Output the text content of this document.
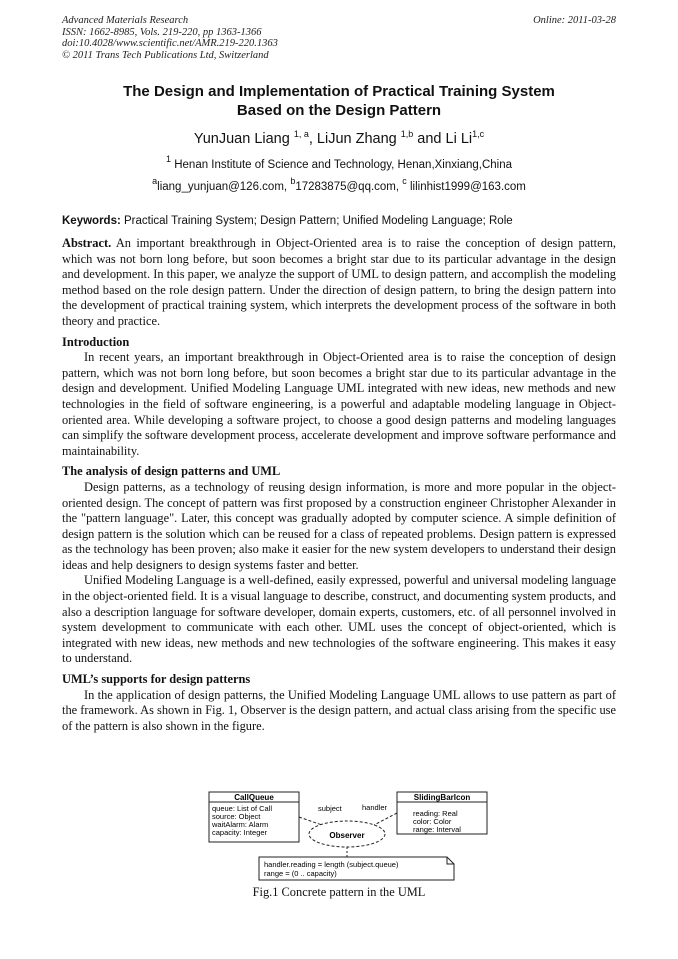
Advanced Materials Research
ISSN: 1662-8985, Vols. 219-220, pp 1363-1366
doi:10.4028/www.scientific.net/AMR.219-220.1363
© 2011 Trans Tech Publications Ltd, Switzerland
Online: 2011-03-28
The Design and Implementation of Practical Training System
Based on the Design Pattern
YunJuan Liang $^{1, a}$, LiJun Zhang $^{1,b}$ and Li Li$^{1,c}$
$^1$ Henan Institute of Science and Technology, Henan,Xinxiang,China
$^a$liang_yunjuan@126.com, $^b$17283875@qq.com, $^c$ lilinhist1999@163.com
Keywords: Practical Training System; Design Pattern; Unified Modeling Language; Role

Abstract. An important breakthrough in Object-Oriented area is to raise the conception of design pattern, which was not born long before, but soon becomes a bright star due to its particular advantage in the design and development. In this paper, we analyze the support of UML to design pattern, and accomplish the modeling method based on the role design pattern. Under the direction of design pattern, to bring the design pattern into the development of practical training system, which interprets the development process of the software in both theory and practice.

Introduction

In recent years, an important breakthrough in Object-Oriented area is to raise the conception of design pattern, which was not born long before, but soon becomes a bright star due to its particular advantage in the design and development. Unified Modeling Language UML integrated with new ideas, new methods and new technologies in the field of software engineering, is a powerful and adaptable modeling language in Object-oriented area. While developing a software project, to choose a good design patterns and modeling languages can simplify the software development process, accelerate development and improve software performance and maintainability.

The analysis of design patterns and UML

Design patterns, as a technology of reusing design information, is more and more popular in the object-oriented design. The concept of pattern was first proposed by a construction engineer Christopher Alexander in the "pattern language". Later, this concept was gradually adopted by computer science. A simple definition of design pattern is the solution which can be reused for a class of repeated problems. Design pattern is expressed as the technology has been proven; also make it easier for the new system developers to understand their design ideas and help designers to design systems faster and better.

Unified Modeling Language is a well-defined, easily expressed, powerful and universal modeling language in the object-oriented field. It is a visual language to describe, construct, and documenting system products, and also a description language for software developer, domain experts, customers, etc. of all personnel involved in system development to communicate with each other. UML uses the concept of object-oriented, which is integrated with new ideas, new methods and new technologies of the software engineering. This makes it easy to understand.

UML’s supports for design patterns

In the application of design patterns, the Unified Modeling Language UML allows to use pattern as part of the framework. As shown in Fig. 1, Observer is the design pattern, and actual class arising from the specific use of the pattern is also shown in the figure.

CallQueue
queue: List of Call
source: Object
waitAlarm: Alarm
capacity: Integer
SlidingBarIcon
reading: Real
color: Color
range: Interval
Observer
subject	handler
handler.reading = length (subject.queue)
range = (0 .. capacity)
Fig.1 Concrete pattern in the UML
